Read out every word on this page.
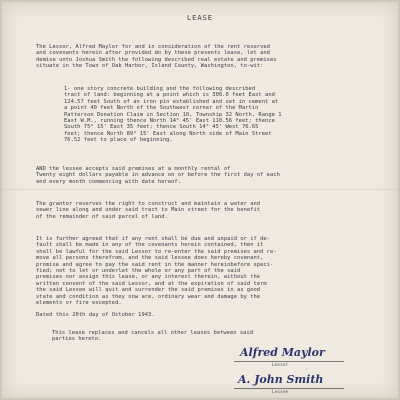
LEASE
The Lessor, Alfred Maylor for and in consideration of the rent reserved
and covenants herein after provided do by these presents lease, let and
demise unto Joshua Smith the following described real estate and premises
situate in the Town of Oak Harbor, Island County, Washington, to-wit:
1- one story concrete building and the following described
tract of land: beginning at a point which is 300.0 feet East and
124.57 feet South of an iron pin established and set in cement at
a point 40 feet North of the Southwest corner of the Martin
Patterson Donation Claim in Section 10, Township 32 North, Range 1
East W.M., running thence North 14° 45' East 110.56 feet; thence
South 75° 15' East 35 feet; thence South 14° 45' West 76.65
feet; thence North 89° 15' East along North side of Main Street
76.52 feet to place of beginning.
AND the lessee accepts said premises at a monthly rental of
Twenty eight dollars payable in advance on or before the first day of each
and every month commencing with date hereof.
The grantor reserves the right to construct and maintain a water and
sewer line along and under said tract to Main street for the benefit
of the remainder of said parcel of land.
It is further agreed that if any rent shall be due and unpaid or if de-
fault shall be made in any of the covenants herein contained, then it
shall be lawful for the said Lessor to re-enter the said premises and re-
move all persons therefrom, and the said lessee does hereby covenant,
promise and agree to pay the said rent in the manner hereinbefore speci-
fied; not to let or underlet the whole or any part of the said
premises nor assign this lease, or any interest therein, without the
written consent of the said Lessor, and at the expiration of said term
the said Lessee will quit and surrender the said premises in as good
state and condition as they now are, ordinary wear and damage by the
elements or fire excepted.
Dated this 20th day of October 1943.
This lease replaces and cancels all other leases between said
parties hereto.
Alfred Maylor
Lessor
A. John Smith
Lessee
